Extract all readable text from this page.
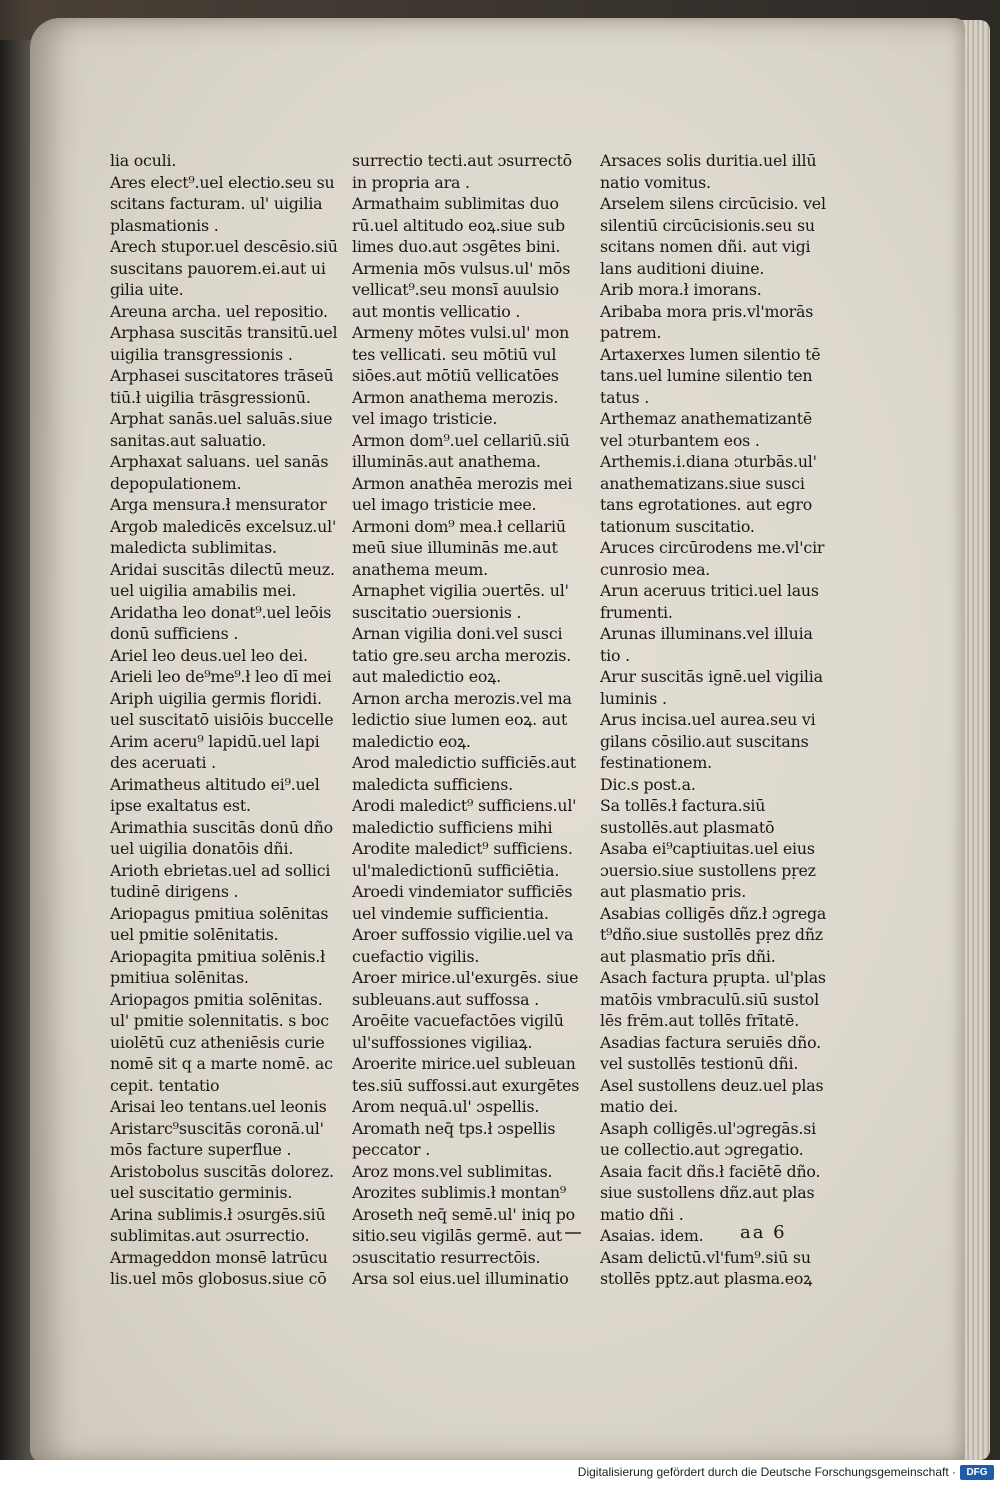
lia oculi.
Ares elect⁹.uel electio.seu su
scitans facturam. ul' uigilia
plasmationis .
Arech stupor.uel descēsio.siū
suscitans pauorem.ei.aut ui
gilia uite.
Areuna archa. uel repositio.
Arphasa suscitās transitū.uel
uigilia transgressionis .
Arphasei suscitatores trāseū
tiū.ł uigilia trāsgressionū.
Arphat sanās.uel saluās.siue
sanitas.aut saluatio.
Arphaxat saluans. uel sanās
depopulationem.
Arga mensura.ł mensurator
Argob maledicēs excelsuz.ul'
maledicta sublimitas.
Aridai suscitās dilectū meuz.
uel uigilia amabilis mei.
Aridatha leo donat⁹.uel leōis
donū sufficiens .
Ariel leo deus.uel leo dei.
Arieli leo de⁹me⁹.ł leo dī mei
Ariph uigilia germis floridi.
uel suscitatō uisiōis buccelle
Arim aceru⁹ lapidū.uel lapi
des aceruati .
Arimatheus altitudo ei⁹.uel
ipse exaltatus est.
Arimathia suscitās donū dño
uel uigilia donatōis dñi.
Arioth ebrietas.uel ad sollici
tudinē dirigens .
Ariopagus pmitiua solēnitas
uel pmitie solēnitatis.
Ariopagita pmitiua solēnis.ł
pmitiua solēnitas.
Ariopagos pmitia solēnitas.
ul' pmitie solennitatis. s boc
uiolētū cuz atheniēsis curie
nomē sit q a marte nomē. ac
cepit. tentatio
Arisai leo tentans.uel leonis
Aristarc⁹suscitās coronā.ul'
mōs facture superflue .
Aristobolus suscitās dolorez.
uel suscitatio germinis.
Arina sublimis.ł ɔsurgēs.siū
sublimitas.aut ɔsurrectio.
Armageddon monsē latrūcu
lis.uel mōs globosus.siue cō
surrectio tecti.aut ɔsurrectō
in propria ara .
Armathaim sublimitas duo
rū.uel altitudo eoꝝ.siue sub
limes duo.aut ɔsgētes bini.
Armenia mōs vulsus.ul' mōs
vellicat⁹.seu monsī auulsio
aut montis vellicatio .
Armeny mōtes vulsi.ul' mon
tes vellicati. seu mōtiū vul
siōes.aut mōtiū vellicatōes
Armon anathema merozis.
vel imago tristicie.
Armon dom⁹.uel cellariū.siū
illuminās.aut anathema.
Armon anathēa merozis mei
uel imago tristicie mee.
Armoni dom⁹ mea.ł cellariū
meū siue illuminās me.aut
anathema meum.
Arnaphet vigilia ɔuertēs. ul'
suscitatio ɔuersionis .
Arnan vigilia doni.vel susci
tatio gre.seu archa merozis.
aut maledictio eoꝝ.
Arnon archa merozis.vel ma
ledictio siue lumen eoꝝ. aut
maledictio eoꝝ.
Arod maledictio sufficiēs.aut
maledicta sufficiens.
Arodi maledict⁹ sufficiens.ul'
maledictio sufficiens mihi
Arodite maledict⁹ sufficiens.
ul'maledictionū sufficiētia.
Aroedi vindemiator sufficiēs
uel vindemie sufficientia.
Aroer suffossio vigilie.uel va
cuefactio vigilis.
Aroer mirice.ul'exurgēs. siue
subleuans.aut suffossa .
Aroēite vacuefactōes vigilū
ul'suffossiones vigiliaꝝ.
Aroerite mirice.uel subleuan
tes.siū suffossi.aut exurgētes
Arom nequā.ul' ɔspellis.
Aromath neq̄ tps.ł ɔspellis
peccator .
Aroz mons.vel sublimitas.
Arozites sublimis.ł montan⁹
Aroseth neq̄ semē.ul' iniq po
sitio.seu vigilās germē. aut
ɔsuscitatio resurrectōis.
Arsa sol eius.uel illuminatio
Arsaces solis duritia.uel illū
natio vomitus.
Arselem silens circūcisio. vel
silentiū circūcisionis.seu su
scitans nomen dñi. aut vigi
lans auditioni diuine.
Arib mora.ł imorans.
Aribaba mora pris.vl'morās
patrem.
Artaxerxes lumen silentio tē
tans.uel lumine silentio ten
tatus .
Arthemaz anathematizantē
vel ɔturbantem eos .
Arthemis.i.diana ɔturbās.ul'
anathematizans.siue susci
tans egrotationes. aut egro
tationum suscitatio.
Aruces circūrodens me.vl'cir
cunrosio mea.
Arun aceruus tritici.uel laus
frumenti.
Arunas illuminans.vel illuia
tio .
Arur suscitās ignē.uel vigilia
luminis .
Arus incisa.uel aurea.seu vi
gilans cōsilio.aut suscitans
festinationem.
Dic.s post.a.
Sa tollēs.ł factura.siū
sustollēs.aut plasmatō
Asaba ei⁹captiuitas.uel eius
ɔuersio.siue sustollens pṛez
aut plasmatio pris.
Asabias colligēs dñz.ł ɔgrega
t⁹dño.siue sustollēs pṛez dñz
aut plasmatio prīs dñi.
Asach factura pṛupta. ul'plas
matōis vmbraculū.siū sustol
lēs frēm.aut tollēs frītatē.
Asadias factura seruiēs dño.
vel sustollēs testionū dñi.
Asel sustollens deuz.uel plas
matio dei.
Asaph colligēs.ul'ɔgregās.si
ue collectio.aut ɔgregatio.
Asaia facit dñs.ł faciētē dño.
siue sustollens dñz.aut plas
matio dñi .
Asaias. idem.
Asam delictū.vl'fum⁹.siū su
stollēs pptz.aut plasma.eoꝝ
aa 6
Digitalisierung gefördert durch die Deutsche Forschungsgemeinschaft ·	DFG
